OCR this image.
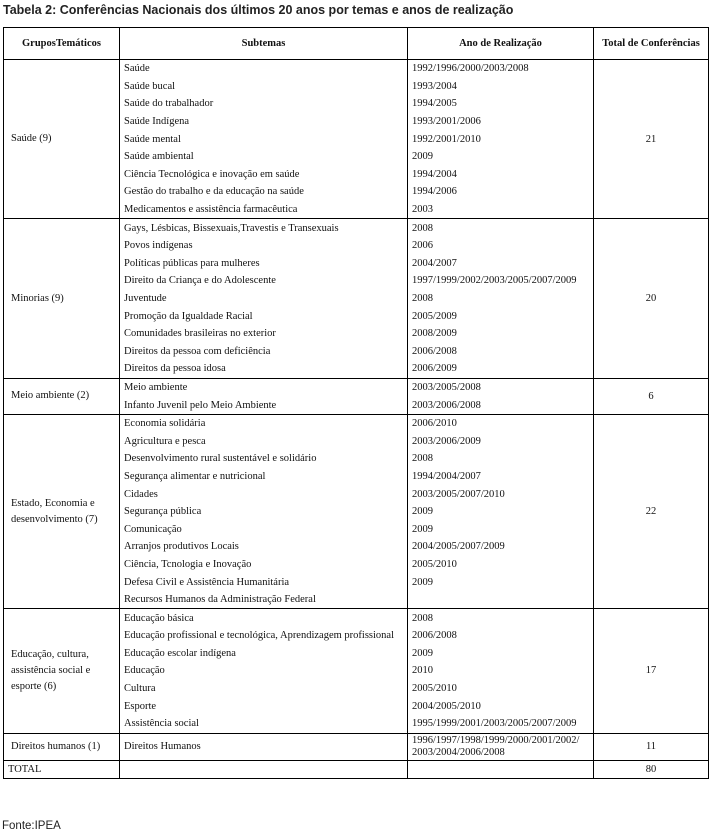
Tabela 2: Conferências Nacionais dos últimos 20 anos por temas e anos de realização
GruposTemáticos	Subtemas	Ano de Realização	Total de Conferências
Saúde (9)	Saúde	1992/1996/2000/2003/2008	21
	Saúde bucal	1993/2004	
	Saúde do trabalhador	1994/2005	
	Saúde Indígena	1993/2001/2006	
	Saúde mental	1992/2001/2010	
	Saúde ambiental	2009	
	Ciência Tecnológica e inovação em saúde	1994/2004	
	Gestão do trabalho e da educação na saúde	1994/2006	
	Medicamentos e assistência farmacêutica	2003	
Minorias (9)	Gays, Lésbicas, Bissexuais,Travestis e Transexuais	2008	20
	Povos indígenas	2006	
	Políticas públicas para mulheres	2004/2007	
	Direito da Criança e do Adolescente	1997/1999/2002/2003/2005/2007/2009	
	Juventude	2008	
	Promoção da Igualdade Racial	2005/2009	
	Comunidades brasileiras no exterior	2008/2009	
	Direitos da pessoa com deficiência	2006/2008	
	Direitos da pessoa idosa	2006/2009	
Meio ambiente (2)	Meio ambiente	2003/2005/2008	6
	Infanto Juvenil pelo Meio Ambiente	2003/2006/2008	
Estado, Economia e desenvolvimento (7)	Economia solidária	2006/2010	22
	Agricultura e pesca	2003/2006/2009	
	Desenvolvimento rural sustentável e solidário	2008	
	Segurança alimentar e nutricional	1994/2004/2007	
	Cidades	2003/2005/2007/2010	
	Segurança pública	2009	
	Comunicação	2009	
	Arranjos produtivos Locais	2004/2005/2007/2009	
	Ciência, Tcnologia e Inovação	2005/2010	
	Defesa Civil e Assistência Humanitária	2009	
	Recursos Humanos da Administração Federal		
Educação, cultura, assistência social e esporte (6)	Educação básica	2008	17
	Educação profissional e tecnológica, Aprendizagem profissional	2006/2008	
	Educação escolar indígena	2009	
	Educação	2010	
	Cultura	2005/2010	
	Esporte	2004/2005/2010	
	Assistência social	1995/1999/2001/2003/2005/2007/2009	
Direitos humanos (1)	Direitos Humanos	1996/1997/1998/1999/2000/2001/2002/ 2003/2004/2006/2008	11
TOTAL			80
Fonte:IPEA
